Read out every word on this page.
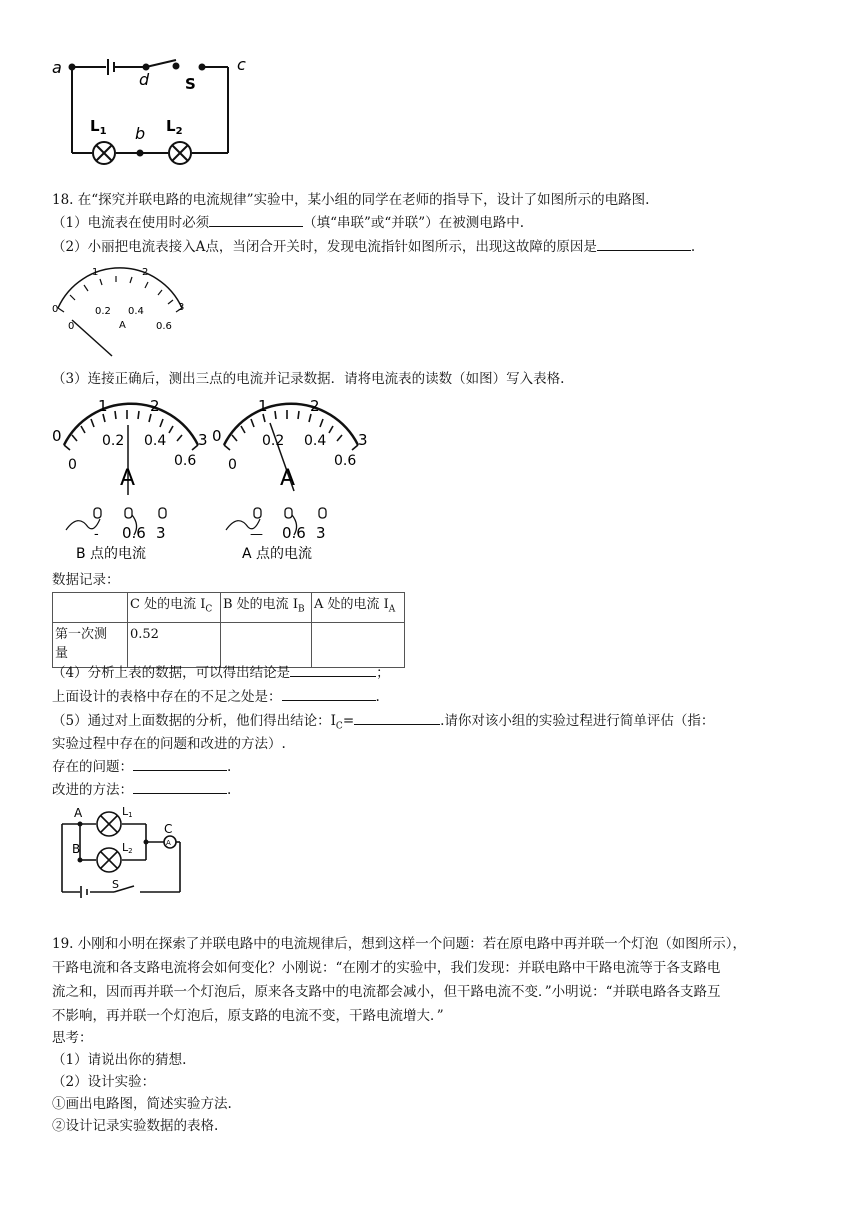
a
d S
c
$L_1$ b $L_2$
18. 在“探究并联电路的电流规律”实验中，某小组的同学在老师的指导下，设计了如图所示的电路图.
（1）电流表在使用时必须	（填“串联”或“并联”）在被测电路中.
（2）小丽把电流表接入A点，当闭合开关时，发现电流指针如图所示，出现这故障的原因是	.
1	2
0	3
0.2 0.4
0	0.6
A
（3）连接正确后，测出三点的电流并记录数据．请将电流表的读数（如图）写入表格.
1	2
0	3
0
0.2 0.4
0.6
A
- 0.6 3
B 点的电流
1	2
0	3
0
0.2 0.4
0.6
A
— 0.6 3
A 点的电流
数据记录：
	C 处的电流 $I_C$	B 处的电流 $I_B$	A 处的电流 $I_A$
第一次测
量	0.52		
（4）分析上表的数据，可以得出结论是	；
上面设计的表格中存在的不足之处是：	.
（5）通过对上面数据的分析，他们得出结论：$I_C=$	.请你对该小组的实验过程进行简单评估（指：
实验过程中存在的问题和改进的方法）.
存在的问题：	.
改进的方法：	.
A
B
C
A
L1
L2
S
19. 小刚和小明在探索了并联电路中的电流规律后，想到这样一个问题：若在原电路中再并联一个灯泡（如图所示），
干路电流和各支路电流将会如何变化？小刚说：“在刚才的实验中，我们发现：并联电路中干路电流等于各支路电
流之和，因而再并联一个灯泡后，原来各支路中的电流都会减小，但干路电流不变．”小明说：“并联电路各支路互
不影响，再并联一个灯泡后，原支路的电流不变，干路电流增大．”
思考：
（1）请说出你的猜想.
（2）设计实验：
①画出电路图，简述实验方法.
②设计记录实验数据的表格.
